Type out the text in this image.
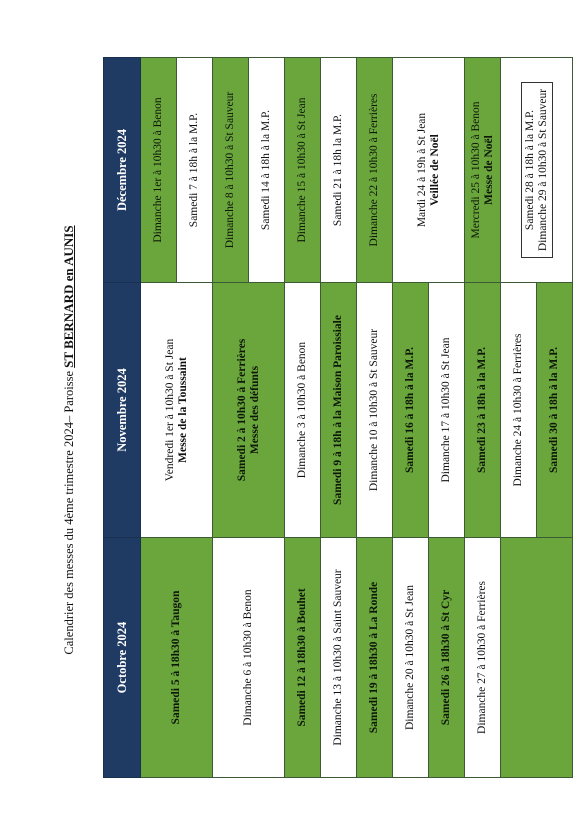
Calendrier des messes du 4ème trimestre 2024– Paroisse ST BERNARD en AUNIS
Octobre 2024	Novembre 2024	Décembre 2024
Samedi 5 à 18h30 à Taugon	Vendredi 1er à 10h30 à St Jean Messe de la Toussaint	Dimanche 1er à 10h30 à Benon
		Samedi 7 à 18h à la M.P.
Dimanche 6 à 10h30 à Benon	Samedi 2 à 10h30 à Ferrières Messe des défunts	Dimanche 8 à 10h30 à St Sauveur
		Samedi 14 à 18h à la M.P.
Samedi 12 à 18h30 à Bouhet	Dimanche 3 à 10h30 à Benon	Dimanche 15 à 10h30 à St Jean
Dimanche 13 à 10h30 à Saint Sauveur	Samedi 9 à 18h à la Maison Paroissiale	Samedi 21 à 18h la M.P.
Samedi 19 à 18h30 à La Ronde	Dimanche 10 à 10h30 à St Sauveur	Dimanche 22 à 10h30 à Ferrières
Dimanche 20 à 10h30 à St Jean	Samedi 16 à 18h à la M.P.	Mardi 24 à 19h à St Jean Veillée de Noël

Samedi 26 à 18h30 à St Cyr	Dimanche 17 à 10h30 à St Jean	
Dimanche 27 à 10h30 à Ferrières	Samedi 23 à 18h à la M.P.	Mercredi 25 à 10h30 à Benon Messe de Noël

	Dimanche 24 à 10h30 à Ferrières	

		Samedi 28 à 18h à la M.P. Dimanche 29 à 10h30 à St Sauveur

	Samedi 30 à 18h à la M.P.	
